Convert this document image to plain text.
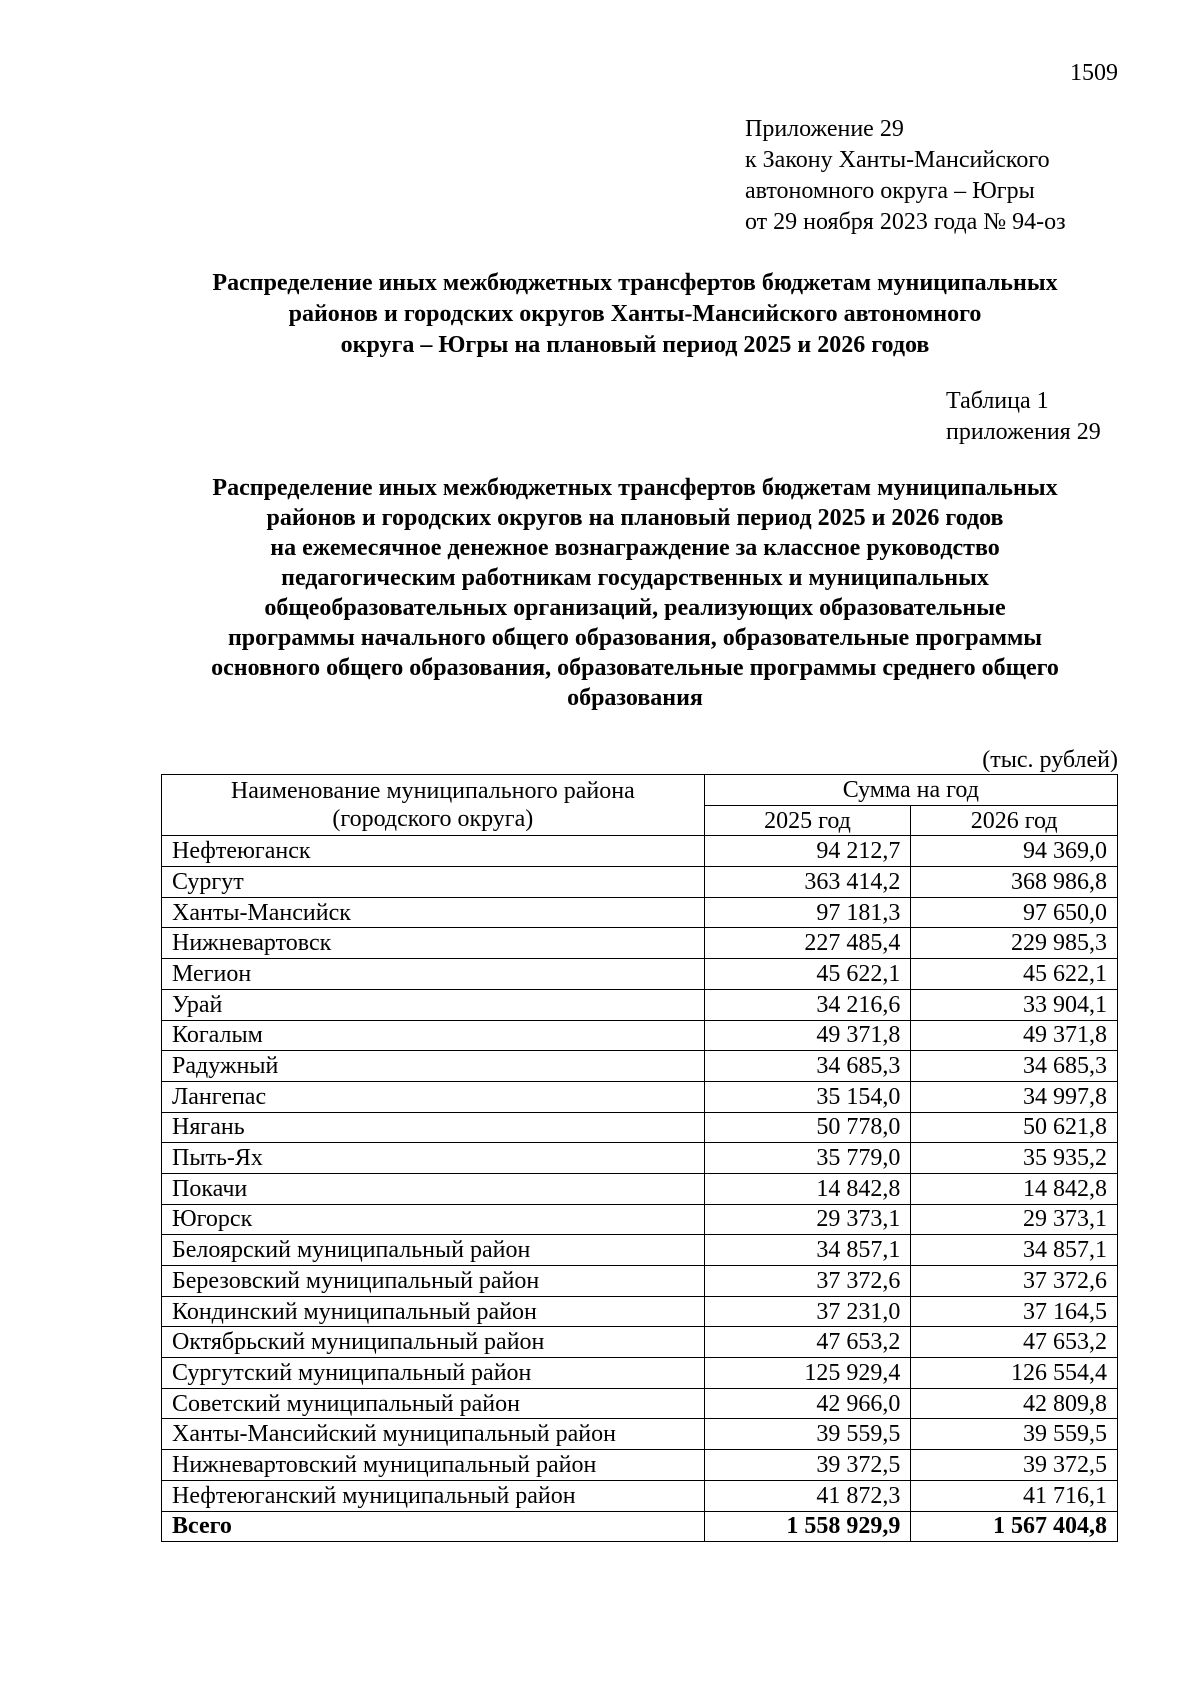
1509
Приложение 29
к Закону Ханты-Мансийского
автономного округа – Югры
от 29 ноября 2023 года № 94-оз
Распределение иных межбюджетных трансфертов бюджетам муниципальных
районов и городских округов Ханты-Мансийского автономного
округа – Югры на плановый период 2025 и 2026 годов
Таблица 1
приложения 29
Распределение иных межбюджетных трансфертов бюджетам муниципальных
районов и городских округов на плановый период 2025 и 2026 годов
на ежемесячное денежное вознаграждение за классное руководство
педагогическим работникам государственных и муниципальных
общеобразовательных организаций, реализующих образовательные
программы начального общего образования, образовательные программы
основного общего образования, образовательные программы среднего общего
образования
(тыс. рублей)
Наименование муниципального района
(городского округа)	Сумма на год	
	2025 год	2026 год
Нефтеюганск	94 212,7	94 369,0
Сургут	363 414,2	368 986,8
Ханты-Мансийск	97 181,3	97 650,0
Нижневартовск	227 485,4	229 985,3
Мегион	45 622,1	45 622,1
Урай	34 216,6	33 904,1
Когалым	49 371,8	49 371,8
Радужный	34 685,3	34 685,3
Лангепас	35 154,0	34 997,8
Нягань	50 778,0	50 621,8
Пыть-Ях	35 779,0	35 935,2
Покачи	14 842,8	14 842,8
Югорск	29 373,1	29 373,1
Белоярский муниципальный район	34 857,1	34 857,1
Березовский муниципальный район	37 372,6	37 372,6
Кондинский муниципальный район	37 231,0	37 164,5
Октябрьский муниципальный район	47 653,2	47 653,2
Сургутский муниципальный район	125 929,4	126 554,4
Советский муниципальный район	42 966,0	42 809,8
Ханты-Мансийский муниципальный район	39 559,5	39 559,5
Нижневартовский муниципальный район	39 372,5	39 372,5
Нефтеюганский муниципальный район	41 872,3	41 716,1
Всего	1 558 929,9	1 567 404,8
